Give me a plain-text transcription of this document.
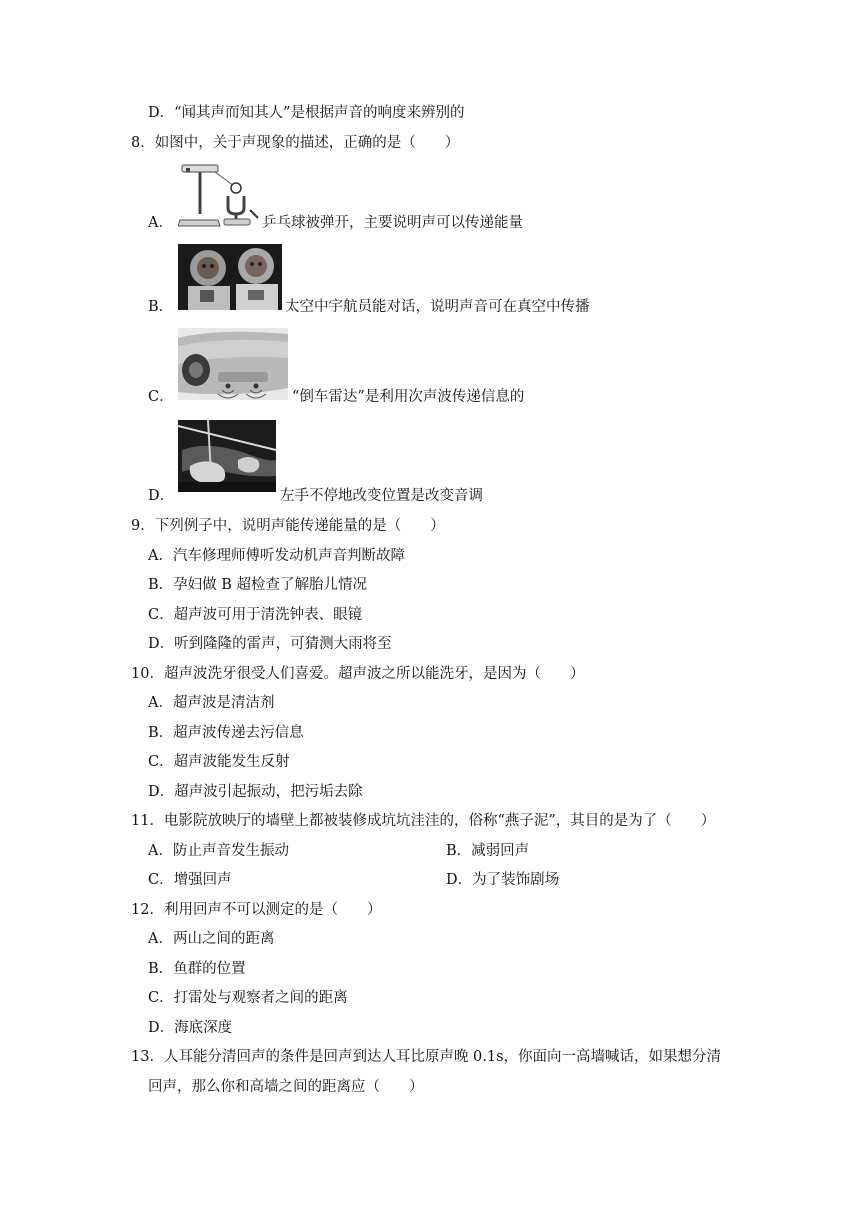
D．“闻其声而知其人”是根据声音的响度来辨别的
8．如图中，关于声现象的描述，正确的是（　　）
A．	乒乓球被弹开，主要说明声可以传递能量
B．	太空中宇航员能对话，说明声音可在真空中传播
C．	“倒车雷达”是利用次声波传递信息的
D．	左手不停地改变位置是改变音调
9．下列例子中，说明声能传递能量的是（　　）
A．汽车修理师傅听发动机声音判断故障
B．孕妇做 B 超检查了解胎儿情况
C．超声波可用于清洗钟表、眼镜
D．听到隆隆的雷声，可猜测大雨将至
10．超声波洗牙很受人们喜爱。超声波之所以能洗牙，是因为（　　）
A．超声波是清洁剂
B．超声波传递去污信息
C．超声波能发生反射
D．超声波引起振动，把污垢去除
11．电影院放映厅的墙壁上都被装修成坑坑洼洼的，俗称“燕子泥”，其目的是为了（　　）
A．防止声音发生振动	B．减弱回声
C．增强回声	D．为了装饰剧场
12．利用回声不可以测定的是（　　）
A．两山之间的距离
B．鱼群的位置
C．打雷处与观察者之间的距离
D．海底深度
13．人耳能分清回声的条件是回声到达人耳比原声晚 0.1s，你面向一高墙喊话，如果想分清
回声，那么你和高墙之间的距离应（　　）
